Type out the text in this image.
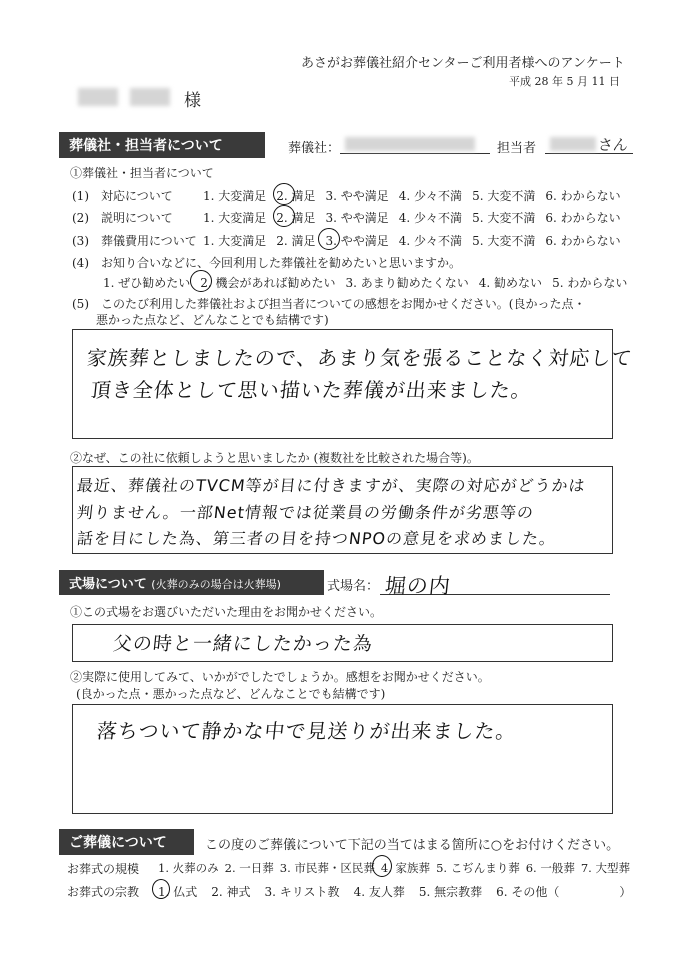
あさがお葬儀社紹介センターご利用者様へのアンケート
平成 28 年 5 月 11 日
様
葬儀社・担当者について	葬儀社：	担当者	さん
①葬儀社・担当者について
(1)　対応について	1. 大変満足 2. 満足 3. やや満足 4. 少々不満 5. 大変不満 6. わからない
(2)　説明について	1. 大変満足 2. 満足 3. やや満足 4. 少々不満 5. 大変不満 6. わからない
(3)　葬儀費用について 1. 大変満足 2. 満足 3. やや満足 4. 少々不満 5. 大変不満 6. わからない
(4)　お知り合いなどに、今回利用した葬儀社を勧めたいと思いますか。
1. ぜひ勧めたい 2. 機会があれば勧めたい 3. あまり勧めたくない 4. 勧めない 5. わからない
(5)　このたび利用した葬儀社および担当者についての感想をお聞かせください。(良かった点・
悪かった点など、どんなことでも結構です)
家族葬としましたので、あまり気を張ることなく対応して
頂き全体として思い描いた葬儀が出来ました。
②なぜ、この社に依頼しようと思いましたか (複数社を比較された場合等)。
最近、葬儀社のTVCM等が目に付きますが、実際の対応がどうかは
判りません。一部Net情報では従業員の労働条件が劣悪等の
話を目にした為、第三者の目を持つNPOの意見を求めました。
式場について (火葬のみの場合は火葬場)	式場名： 堀の内
①この式場をお選びいただいた理由をお聞かせください。
父の時と一緒にしたかった為
②実際に使用してみて、いかがでしたでしょうか。感想をお聞かせください。
(良かった点・悪かった点など、どんなことでも結構です)
落ちついて静かな中で見送りが出来ました。
ご葬儀について	この度のご葬儀について下記の当てはまる箇所に○をお付けください。
お葬式の規模 1. 火葬のみ 2. 一日葬 3. 市民葬・区民葬 4. 家族葬 5. こぢんまり葬 6. 一般葬 7. 大型葬
お葬式の宗教 1. 仏式 2. 神式 3. キリスト教 4. 友人葬 5. 無宗教葬 6. その他（　　　　　）
